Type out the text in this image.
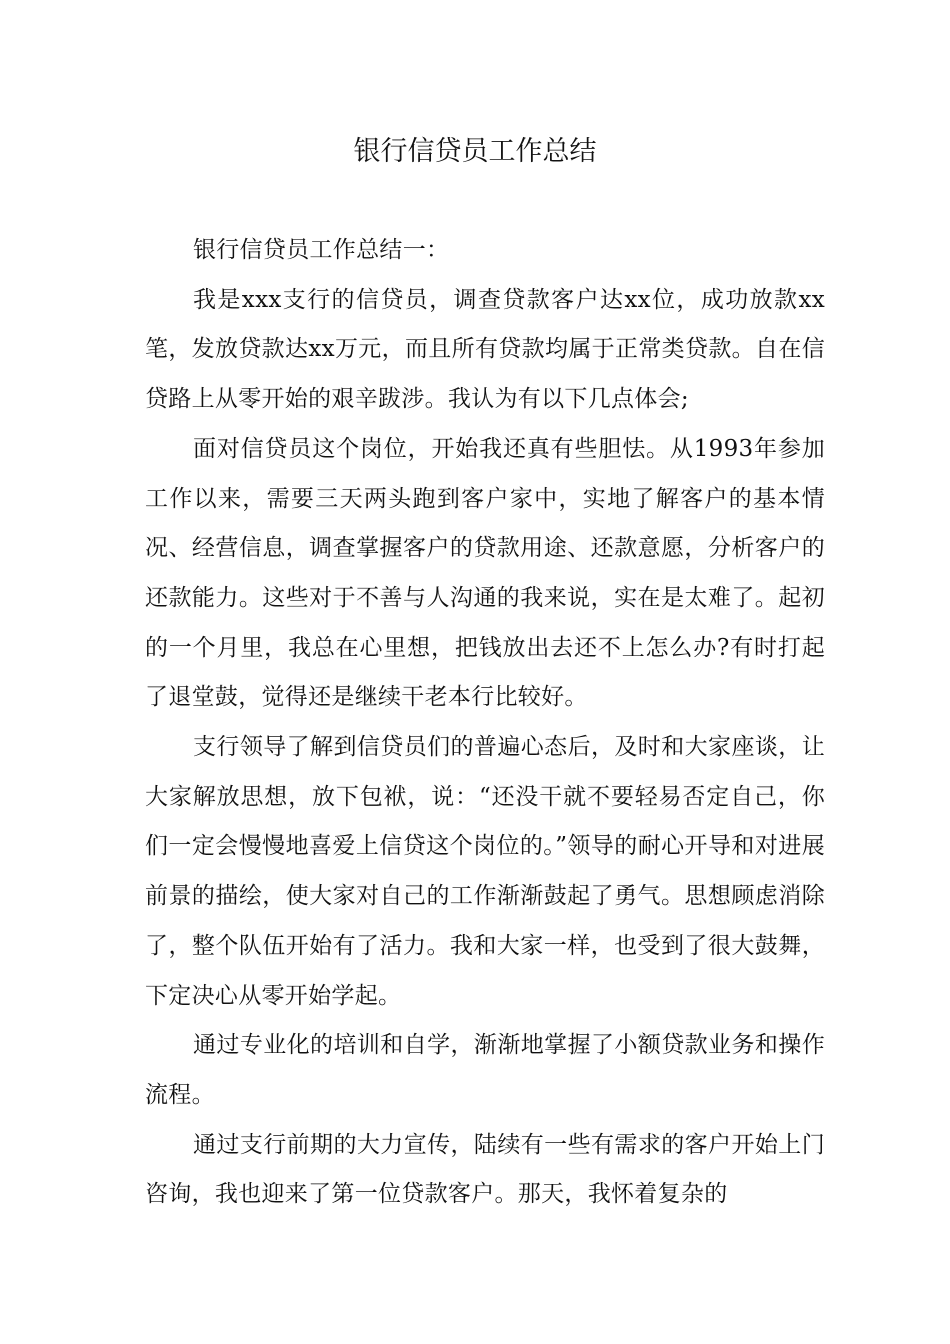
银行信贷员工作总结

银行信贷员工作总结一：

我是xxx支行的信贷员，调查贷款客户达xx位，成功放款xx笔，发放贷款达xx万元，而且所有贷款均属于正常类贷款。自在信贷路上从零开始的艰辛跋涉。我认为有以下几点体会;

面对信贷员这个岗位，开始我还真有些胆怯。从1993年参加工作以来，需要三天两头跑到客户家中，实地了解客户的基本情况、经营信息，调查掌握客户的贷款用途、还款意愿，分析客户的还款能力。这些对于不善与人沟通的我来说，实在是太难了。起初的一个月里，我总在心里想，把钱放出去还不上怎么办?有时打起了退堂鼓，觉得还是继续干老本行比较好。

支行领导了解到信贷员们的普遍心态后，及时和大家座谈，让大家解放思想，放下包袱，说：“还没干就不要轻易否定自己，你们一定会慢慢地喜爱上信贷这个岗位的。”领导的耐心开导和对进展前景的描绘，使大家对自己的工作渐渐鼓起了勇气。思想顾虑消除了，整个队伍开始有了活力。我和大家一样，也受到了很大鼓舞，下定决心从零开始学起。

通过专业化的培训和自学，渐渐地掌握了小额贷款业务和操作流程。

通过支行前期的大力宣传，陆续有一些有需求的客户开始上门咨询，我也迎来了第一位贷款客户。那天，我怀着复杂的
